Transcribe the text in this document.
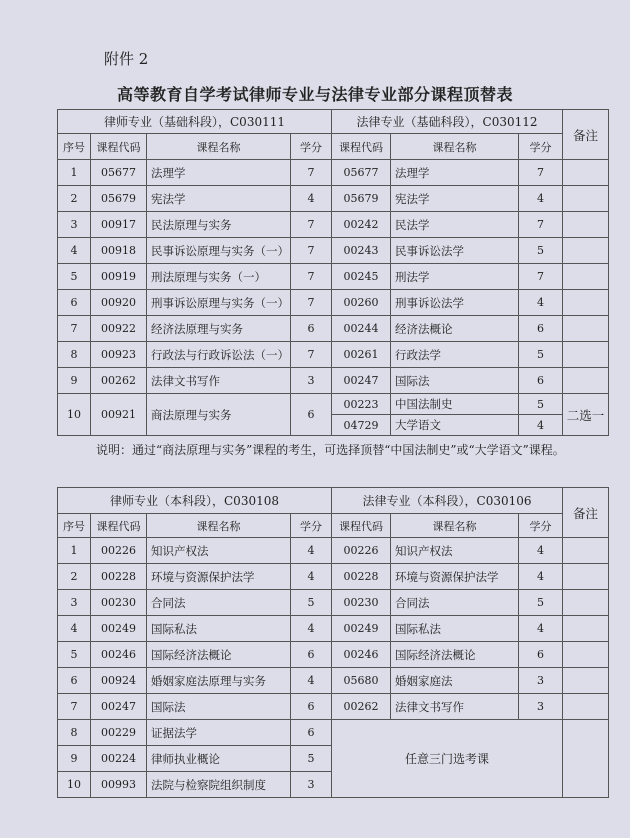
附件 2
高等教育自学考试律师专业与法律专业部分课程顶替表
律师专业（基础科段），C030111				法律专业（基础科段），C030112			备注
序号	课程代码	课程名称	学分	课程代码	课程名称	学分	
1	05677	法理学	7	05677	法理学	7	
2	05679	宪法学	4	05679	宪法学	4	
3	00917	民法原理与实务	7	00242	民法学	7	
4	00918	民事诉讼原理与实务（一）	7	00243	民事诉讼法学	5	
5	00919	刑法原理与实务（一）	7	00245	刑法学	7	
6	00920	刑事诉讼原理与实务（一）	7	00260	刑事诉讼法学	4	
7	00922	经济法原理与实务	6	00244	经济法概论	6	
8	00923	行政法与行政诉讼法（一）	7	00261	行政法学	5	
9	00262	法律文书写作	3	00247	国际法	6	
10	00921	商法原理与实务	6	00223	中国法制史	5	二选一
				04729	大学语文	4	
说明：通过“商法原理与实务”课程的考生，可选择顶替“中国法制史”或“大学语文”课程。
律师专业（本科段），C030108				法律专业（本科段），C030106			备注
序号	课程代码	课程名称	学分	课程代码	课程名称	学分	
1	00226	知识产权法	4	00226	知识产权法	4	
2	00228	环境与资源保护法学	4	00228	环境与资源保护法学	4	
3	00230	合同法	5	00230	合同法	5	
4	00249	国际私法	4	00249	国际私法	4	
5	00246	国际经济法概论	6	00246	国际经济法概论	6	
6	00924	婚姻家庭法原理与实务	4	05680	婚姻家庭法	3	
7	00247	国际法	6	00262	法律文书写作	3	
8	00229	证据法学	6	任意三门选考课			
9	00224	律师执业概论	5				
10	00993	法院与检察院组织制度	3				
